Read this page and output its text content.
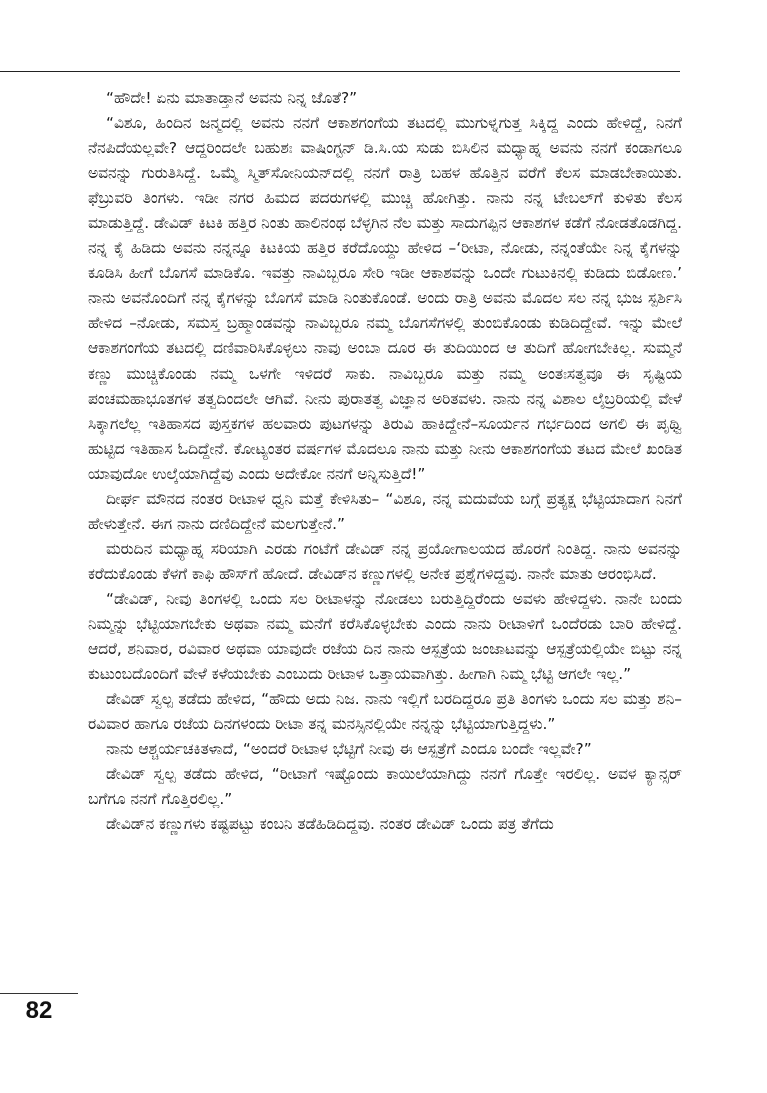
“ಹೌದೇ! ಏನು ಮಾತಾಡ್ತಾನೆ ಅವನು ನಿನ್ನ ಜೊತೆ?”

“ವಿಶೂ, ಹಿಂದಿನ ಜನ್ಮದಲ್ಲಿ ಅವನು ನನಗೆ ಆಕಾಶಗಂಗೆಯ ತಟದಲ್ಲಿ ಮುಗುಳ್ನಗುತ್ತ ಸಿಕ್ಕಿದ್ದ ಎಂದು ಹೇಳಿದ್ದೆ, ನಿನಗೆ ನೆನಪಿದೆಯಲ್ಲವೇ? ಆದ್ದರಿಂದಲೇ ಬಹುಶಃ ವಾಷಿಂಗ್ಟನ್ ಡಿ.ಸಿ.ಯ ಸುಡು ಬಿಸಿಲಿನ ಮಧ್ಯಾಹ್ನ ಅವನು ನನಗೆ ಕಂಡಾಗಲೂ ಅವನನ್ನು ಗುರುತಿಸಿದ್ದೆ. ಒಮ್ಮೆ ಸ್ಮಿತ್‌ಸೋನಿಯನ್‌ದಲ್ಲಿ ನನಗೆ ರಾತ್ರಿ ಬಹಳ ಹೊತ್ತಿನ ವರೆಗೆ ಕೆಲಸ ಮಾಡಬೇಕಾಯಿತು. ಫೆಬ್ರುವರಿ ತಿಂಗಳು. ಇಡೀ ನಗರ ಹಿಮದ ಪದರುಗಳಲ್ಲಿ ಮುಚ್ಚಿ ಹೋಗಿತ್ತು. ನಾನು ನನ್ನ ಟೇಬಲ್‌ಗೆ ಕುಳಿತು ಕೆಲಸ ಮಾಡುತ್ತಿದ್ದೆ. ಡೇವಿಡ್ ಕಿಟಕಿ ಹತ್ತಿರ ನಿಂತು ಹಾಲಿನಂಥ ಬೆಳ್ಳಗಿನ ನೆಲ ಮತ್ತು ಸಾದುಗಪ್ಪಿನ ಆಕಾಶಗಳ ಕಡೆಗೆ ನೋಡತೊಡಗಿದ್ದ. ನನ್ನ ಕೈ ಹಿಡಿದು ಅವನು ನನ್ನನ್ನೂ ಕಿಟಕಿಯ ಹತ್ತಿರ ಕರೆದೊಯ್ದು ಹೇಳಿದ –‘ರೀಟಾ, ನೋಡು, ನನ್ನಂತೆಯೇ ನಿನ್ನ ಕೈಗಳನ್ನು ಕೂಡಿಸಿ ಹೀಗೆ ಬೊಗಸೆ ಮಾಡಿಕೊ. ಇವತ್ತು ನಾವಿಬ್ಬರೂ ಸೇರಿ ಇಡೀ ಆಕಾಶವನ್ನು ಒಂದೇ ಗುಟುಕಿನಲ್ಲಿ ಕುಡಿದು ಬಿಡೋಣ.’ ನಾನು ಅವನೊಂದಿಗೆ ನನ್ನ ಕೈಗಳನ್ನು ಬೊಗಸೆ ಮಾಡಿ ನಿಂತುಕೊಂಡೆ. ಅಂದು ರಾತ್ರಿ ಅವನು ಮೊದಲ ಸಲ ನನ್ನ ಭುಜ ಸ್ಪರ್ಶಿಸಿ ಹೇಳಿದ –ನೋಡು, ಸಮಸ್ತ ಬ್ರಹ್ಮಾಂಡವನ್ನು ನಾವಿಬ್ಬರೂ ನಮ್ಮ ಬೊಗಸೆಗಳಲ್ಲಿ ತುಂಬಿಕೊಂಡು ಕುಡಿದಿದ್ದೇವೆ. ಇನ್ನು ಮೇಲೆ ಆಕಾಶಗಂಗೆಯ ತಟದಲ್ಲಿ ದಣಿವಾರಿಸಿಕೊಳ್ಳಲು ನಾವು ಅಂಬಾ ದೂರ ಈ ತುದಿಯಿಂದ ಆ ತುದಿಗೆ ಹೋಗಬೇಕಿಲ್ಲ. ಸುಮ್ಮನೆ ಕಣ್ಣು ಮುಚ್ಚಿಕೊಂಡು ನಮ್ಮ ಒಳಗೇ ಇಳಿದರೆ ಸಾಕು. ನಾವಿಬ್ಬರೂ ಮತ್ತು ನಮ್ಮ ಅಂತಃಸತ್ವವೂ ಈ ಸೃಷ್ಟಿಯ ಪಂಚಮಹಾಭೂತಗಳ ತತ್ವದಿಂದಲೇ ಆಗಿವೆ. ನೀನು ಪುರಾತತ್ವ ವಿಜ್ಞಾನ ಅರಿತವಳು. ನಾನು ನನ್ನ ವಿಶಾಲ ಲೈಬ್ರರಿಯಲ್ಲಿ ವೇಳೆ ಸಿಕ್ಕಾಗಲೆಲ್ಲ ಇತಿಹಾಸದ ಪುಸ್ತಕಗಳ ಹಲವಾರು ಪುಟಗಳನ್ನು ತಿರುವಿ ಹಾಕಿದ್ದೇನೆ–ಸೂರ್ಯನ ಗರ್ಭದಿಂದ ಅಗಲಿ ಈ ಪೃಥ್ವಿ ಹುಟ್ಟಿದ ಇತಿಹಾಸ ಓದಿದ್ದೇನೆ. ಕೋಟ್ಯಂತರ ವರ್ಷಗಳ ಮೊದಲೂ ನಾನು ಮತ್ತು ನೀನು ಆಕಾಶಗಂಗೆಯ ತಟದ ಮೇಲೆ ಖಂಡಿತ ಯಾವುದೋ ಉಲ್ಕೆಯಾಗಿದ್ದೆವು ಎಂದು ಅದೇಕೋ ನನಗೆ ಅನ್ನಿಸುತ್ತಿದೆ!”

ದೀರ್ಘ ಮೌನದ ನಂತರ ರೀಟಾಳ ಧ್ವನಿ ಮತ್ತೆ ಕೇಳಿಸಿತು– “ವಿಶೂ, ನನ್ನ ಮದುವೆಯ ಬಗ್ಗೆ ಪ್ರತ್ಯಕ್ಷ ಭೆಟ್ಟಿಯಾದಾಗ ನಿನಗೆ ಹೇಳುತ್ತೇನೆ. ಈಗ ನಾನು ದಣಿದಿದ್ದೇನೆ ಮಲಗುತ್ತೇನೆ.”

ಮರುದಿನ ಮಧ್ಯಾಹ್ನ ಸರಿಯಾಗಿ ಎರಡು ಗಂಟೆಗೆ ಡೇವಿಡ್ ನನ್ನ ಪ್ರಯೋಗಾಲಯದ ಹೊರಗೆ ನಿಂತಿದ್ದ. ನಾನು ಅವನನ್ನು ಕರೆದುಕೊಂಡು ಕೆಳಗೆ ಕಾಫಿ ಹೌಸ್‌ಗೆ ಹೋದೆ. ಡೇವಿಡ್‌ನ ಕಣ್ಣುಗಳಲ್ಲಿ ಅನೇಕ ಪ್ರಶ್ನೆಗಳಿದ್ದವು. ನಾನೇ ಮಾತು ಆರಂಭಿಸಿದೆ.

“ಡೇವಿಡ್, ನೀವು ತಿಂಗಳಲ್ಲಿ ಒಂದು ಸಲ ರೀಟಾಳನ್ನು ನೋಡಲು ಬರುತ್ತಿದ್ದಿರೆಂದು ಅವಳು ಹೇಳಿದ್ದಳು. ನಾನೇ ಬಂದು ನಿಮ್ಮನ್ನು ಭೆಟ್ಟಿಯಾಗಬೇಕು ಅಥವಾ ನಮ್ಮ ಮನೆಗೆ ಕರೆಸಿಕೊಳ್ಳಬೇಕು ಎಂದು ನಾನು ರೀಟಾಳಿಗೆ ಒಂದೆರಡು ಬಾರಿ ಹೇಳಿದ್ದೆ. ಆದರೆ, ಶನಿವಾರ, ರವಿವಾರ ಅಥವಾ ಯಾವುದೇ ರಜೆಯ ದಿನ ನಾನು ಆಸ್ಪತ್ರೆಯ ಜಂಜಾಟವನ್ನು ಆಸ್ಪತ್ರೆಯಲ್ಲಿಯೇ ಬಿಟ್ಟು ನನ್ನ ಕುಟುಂಬದೊಂದಿಗೆ ವೇಳೆ ಕಳೆಯಬೇಕು ಎಂಬುದು ರೀಟಾಳ ಒತ್ತಾಯವಾಗಿತ್ತು. ಹೀಗಾಗಿ ನಿಮ್ಮ ಭೆಟ್ಟಿ ಆಗಲೇ ಇಲ್ಲ.”

ಡೇವಿಡ್ ಸ್ವಲ್ಪ ತಡೆದು ಹೇಳಿದ, “ಹೌದು ಅದು ನಿಜ. ನಾನು ಇಲ್ಲಿಗೆ ಬರದಿದ್ದರೂ ಪ್ರತಿ ತಿಂಗಳು ಒಂದು ಸಲ ಮತ್ತು ಶನಿ–ರವಿವಾರ ಹಾಗೂ ರಜೆಯ ದಿನಗಳಂದು ರೀಟಾ ತನ್ನ ಮನಸ್ಸಿನಲ್ಲಿಯೇ ನನ್ನನ್ನು ಭೆಟ್ಟಿಯಾಗುತ್ತಿದ್ದಳು.”

ನಾನು ಆಶ್ಚರ್ಯಚಕಿತಳಾದೆ, “ಅಂದರೆ ರೀಟಾಳ ಭೆಟ್ಟಿಗೆ ನೀವು ಈ ಆಸ್ಪತ್ರೆಗೆ ಎಂದೂ ಬಂದೇ ಇಲ್ಲವೇ?”

ಡೇವಿಡ್ ಸ್ವಲ್ಪ ತಡೆದು ಹೇಳಿದ, “ರೀಟಾಗೆ ಇಷ್ಟೊಂದು ಕಾಯಿಲೆಯಾಗಿದ್ದು ನನಗೆ ಗೊತ್ತೇ ಇರಲಿಲ್ಲ. ಅವಳ ಕ್ಯಾನ್ಸರ್ ಬಗೆಗೂ ನನಗೆ ಗೊತ್ತಿರಲಿಲ್ಲ.”

ಡೇವಿಡ್‌ನ ಕಣ್ಣುಗಳು ಕಷ್ಟಪಟ್ಟು ಕಂಬನಿ ತಡೆಹಿಡಿದಿದ್ದವು. ನಂತರ ಡೇವಿಡ್ ಒಂದು ಪತ್ರ ತೆಗೆದು

82
